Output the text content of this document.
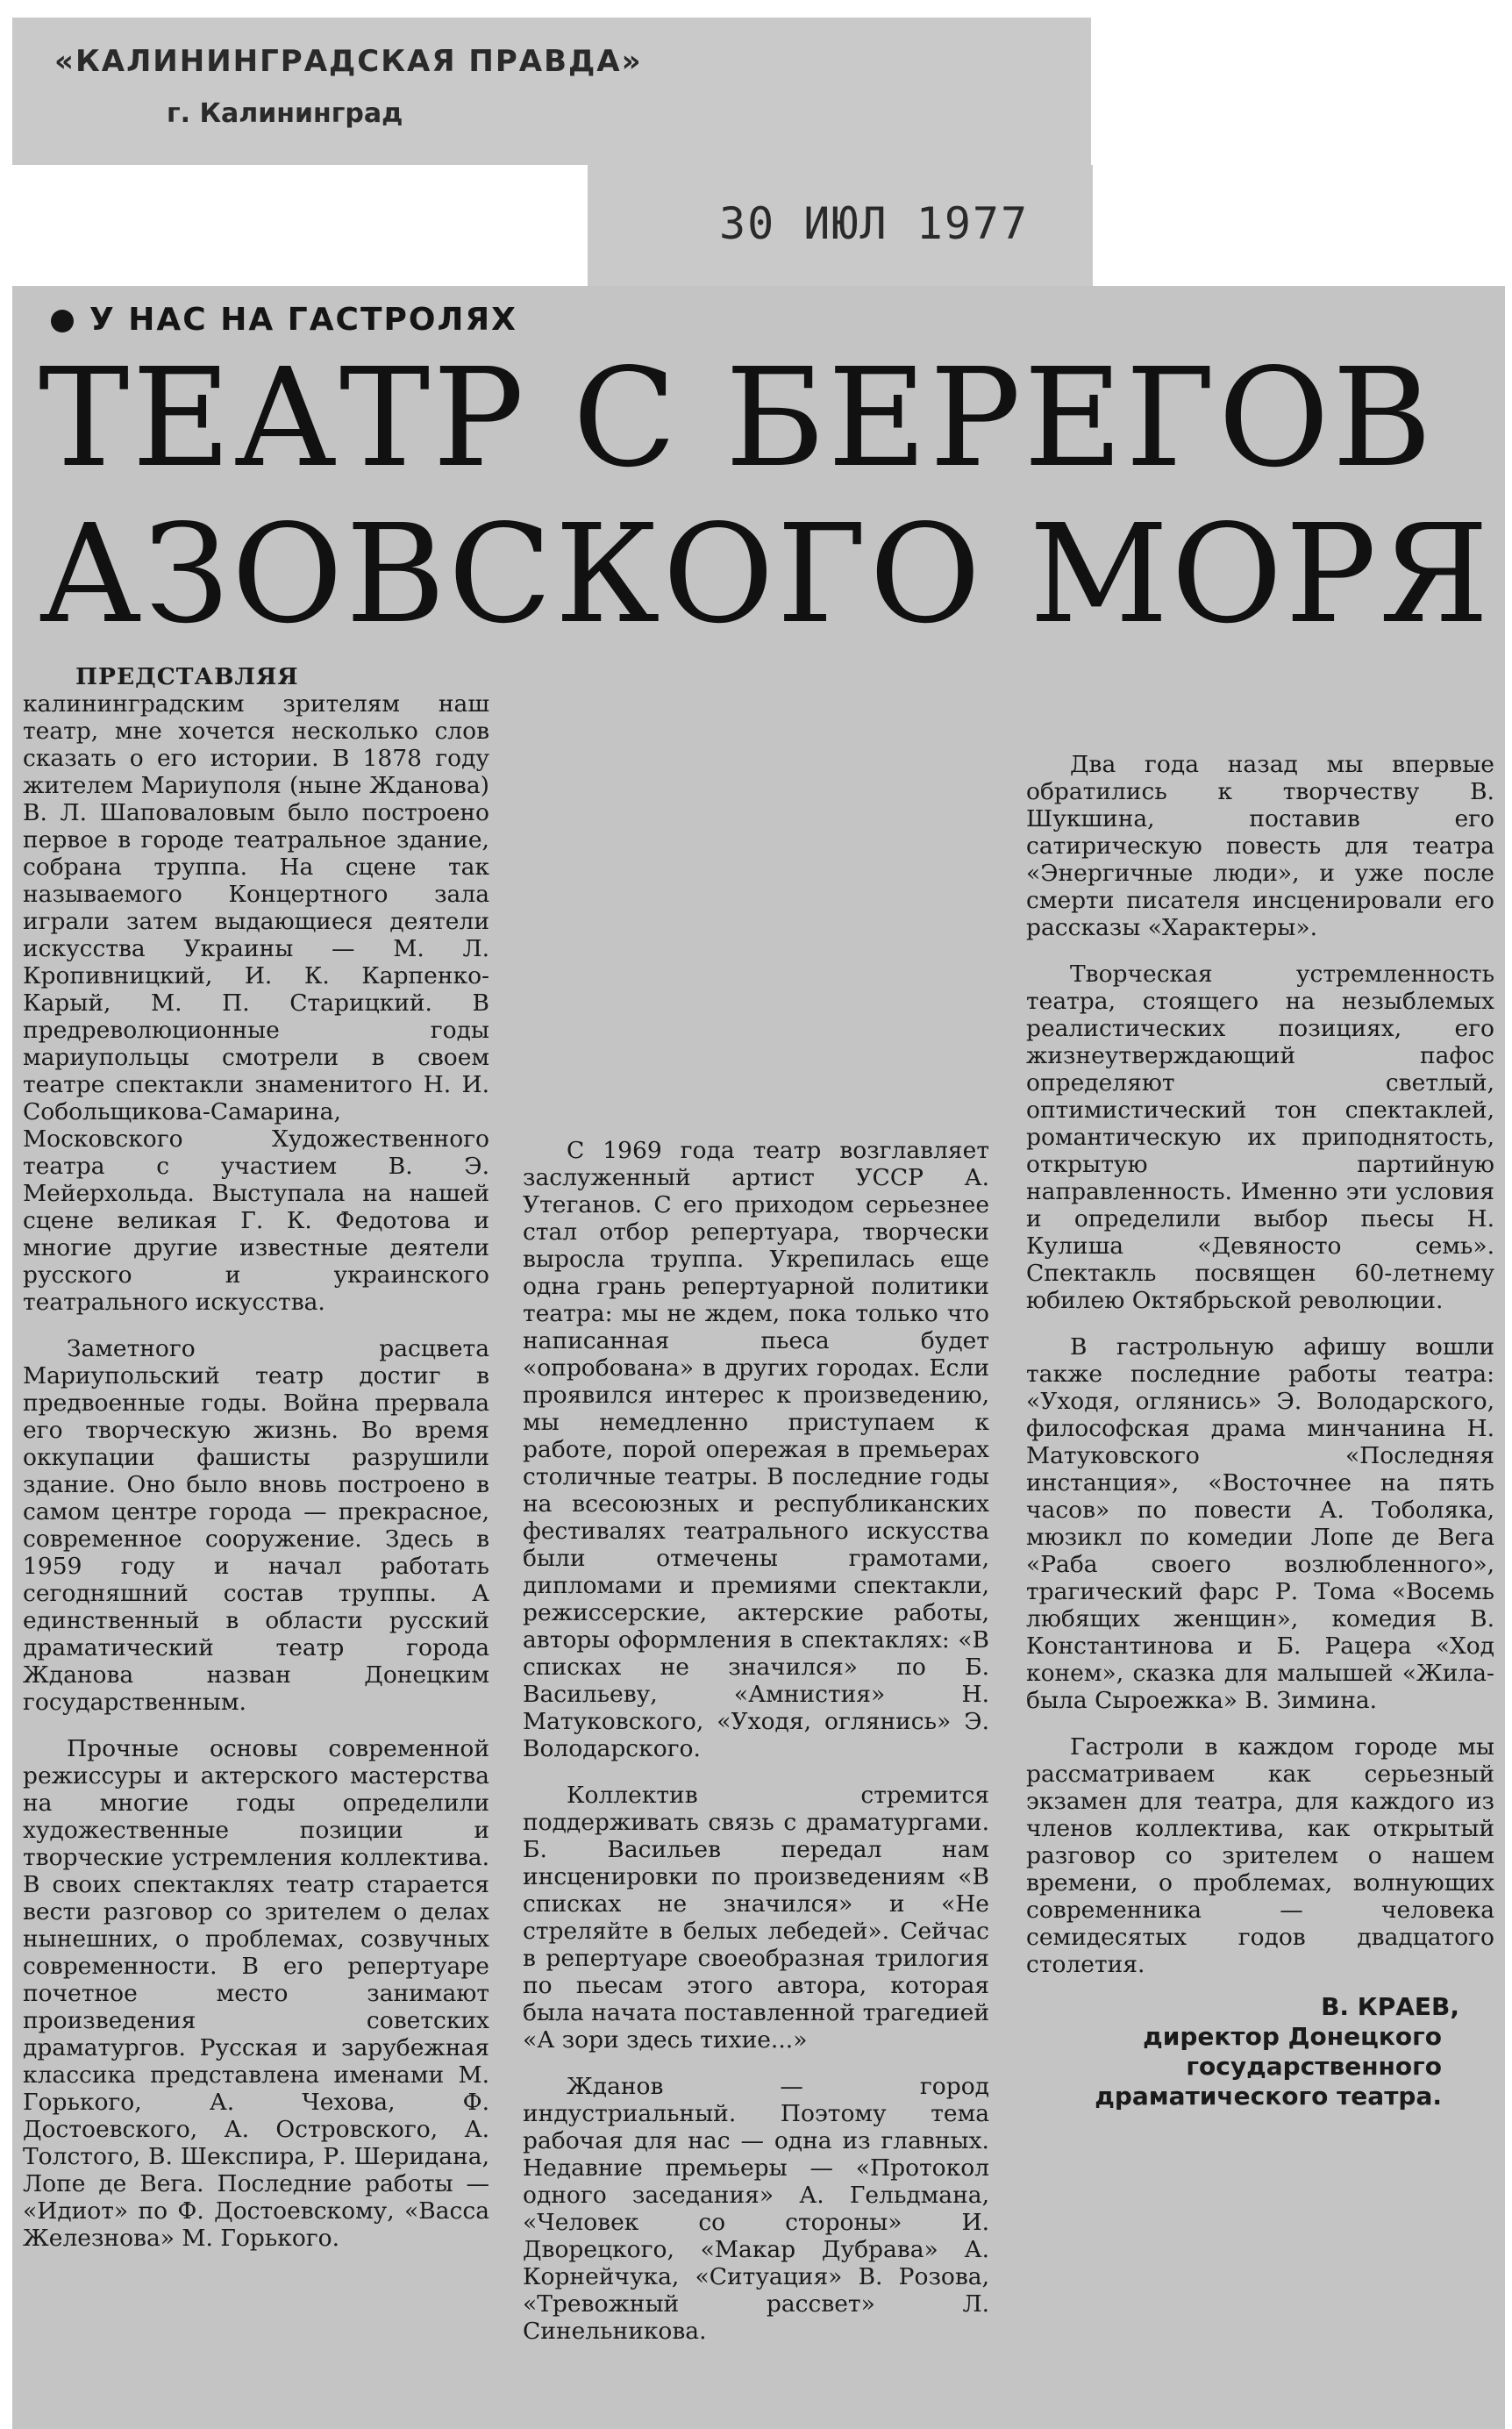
«КАЛИНИНГРАДСКАЯ ПРАВДА»
г. Калининград
30 ИЮЛ 1977
У НАС НА ГАСТРОЛЯХ
ТЕАТР С БЕРЕГОВ
АЗОВСКОГО МОРЯ

ПРЕДСТАВЛЯЯ калининградским зрителям наш театр, мне хочется несколько слов сказать о его истории. В 1878 году жителем Мариуполя (ныне Жданова) В. Л. Шаповаловым было построено первое в городе театральное здание, собрана труппа. На сцене так называемого Концертного зала играли затем выдающиеся деятели искусства Украины — М. Л. Кропивницкий, И. К. Карпенко-Карый, М. П. Старицкий. В предреволюционные годы мариупольцы смотрели в своем театре спектакли знаменитого Н. И. Собольщикова-Самарина, Московского Художественного театра с участием В. Э. Мейерхольда. Выступала на нашей сцене великая Г. К. Федотова и многие другие известные деятели русского и украинского театрального искусства.

Заметного расцвета Мариупольский театр достиг в предвоенные годы. Война прервала его творческую жизнь. Во время оккупации фашисты разрушили здание. Оно было вновь построено в самом центре города — прекрасное, современное сооружение. Здесь в 1959 году и начал работать сегодняшний состав труппы. А единственный в области русский драматический театр города Жданова назван Донецким государственным.

Прочные основы современной режиссуры и актерского мастерства на многие годы определили художественные позиции и творческие устремления коллектива. В своих спектаклях театр старается вести разговор со зрителем о делах нынешних, о проблемах, созвучных современности. В его репертуаре почетное место занимают произведения советских драматургов. Русская и зарубежная классика представлена именами М. Горького, А. Чехова, Ф. Достоевского, А. Островского, А. Толстого, В. Шекспира, Р. Шеридана, Лопе де Вега. Последние работы — «Идиот» по Ф. Достоевскому, «Васса Железнова» М. Горького.

С 1969 года театр возглавляет заслуженный артист УССР А. Утеганов. С его приходом серьезнее стал отбор репертуара, творчески выросла труппа. Укрепилась еще одна грань репертуарной политики театра: мы не ждем, пока только что написанная пьеса будет «опробована» в других городах. Если проявился интерес к произведению, мы немедленно приступаем к работе, порой опережая в премьерах столичные театры. В последние годы на всесоюзных и республиканских фестивалях театрального искусства были отмечены грамотами, дипломами и премиями спектакли, режиссерские, актерские работы, авторы оформления в спектаклях: «В списках не значился» по Б. Васильеву, «Амнистия» Н. Матуковского, «Уходя, оглянись» Э. Володарского.

Коллектив стремится поддерживать связь с драматургами. Б. Васильев передал нам инсценировки по произведениям «В списках не значился» и «Не стреляйте в белых лебедей». Сейчас в репертуаре своеобразная трилогия по пьесам этого автора, которая была начата поставленной трагедией «А зори здесь тихие...»

Жданов — город индустриальный. Поэтому тема рабочая для нас — одна из главных. Недавние премьеры — «Протокол одного заседания» А. Гельдмана, «Человек со стороны» И. Дворецкого, «Макар Дубрава» А. Корнейчука, «Ситуация» В. Розова, «Тревожный рассвет» Л. Синельникова.

Два года назад мы впервые обратились к творчеству В. Шукшина, поставив его сатирическую повесть для театра «Энергичные люди», и уже после смерти писателя инсценировали его рассказы «Характеры».

Творческая устремленность театра, стоящего на незыблемых реалистических позициях, его жизнеутверждающий пафос определяют светлый, оптимистический тон спектаклей, романтическую их приподнятость, открытую партийную направленность. Именно эти условия и определили выбор пьесы Н. Кулиша «Девяносто семь». Спектакль посвящен 60-летнему юбилею Октябрьской революции.

В гастрольную афишу вошли также последние работы театра: «Уходя, оглянись» Э. Володарского, философская драма минчанина Н. Матуковского «Последняя инстанция», «Восточнее на пять часов» по повести А. Тоболяка, мюзикл по комедии Лопе де Вега «Раба своего возлюбленного», трагический фарс Р. Тома «Восемь любящих женщин», комедия В. Константинова и Б. Рацера «Ход конем», сказка для малышей «Жила-была Сыроежка» В. Зимина.

Гастроли в каждом городе мы рассматриваем как серьезный экзамен для театра, для каждого из членов коллектива, как открытый разговор со зрителем о нашем времени, о проблемах, волнующих современника — человека семидесятых годов двадцатого столетия.

В. КРАЕВ,
директор Донецкого
государственного
драматического театра.
